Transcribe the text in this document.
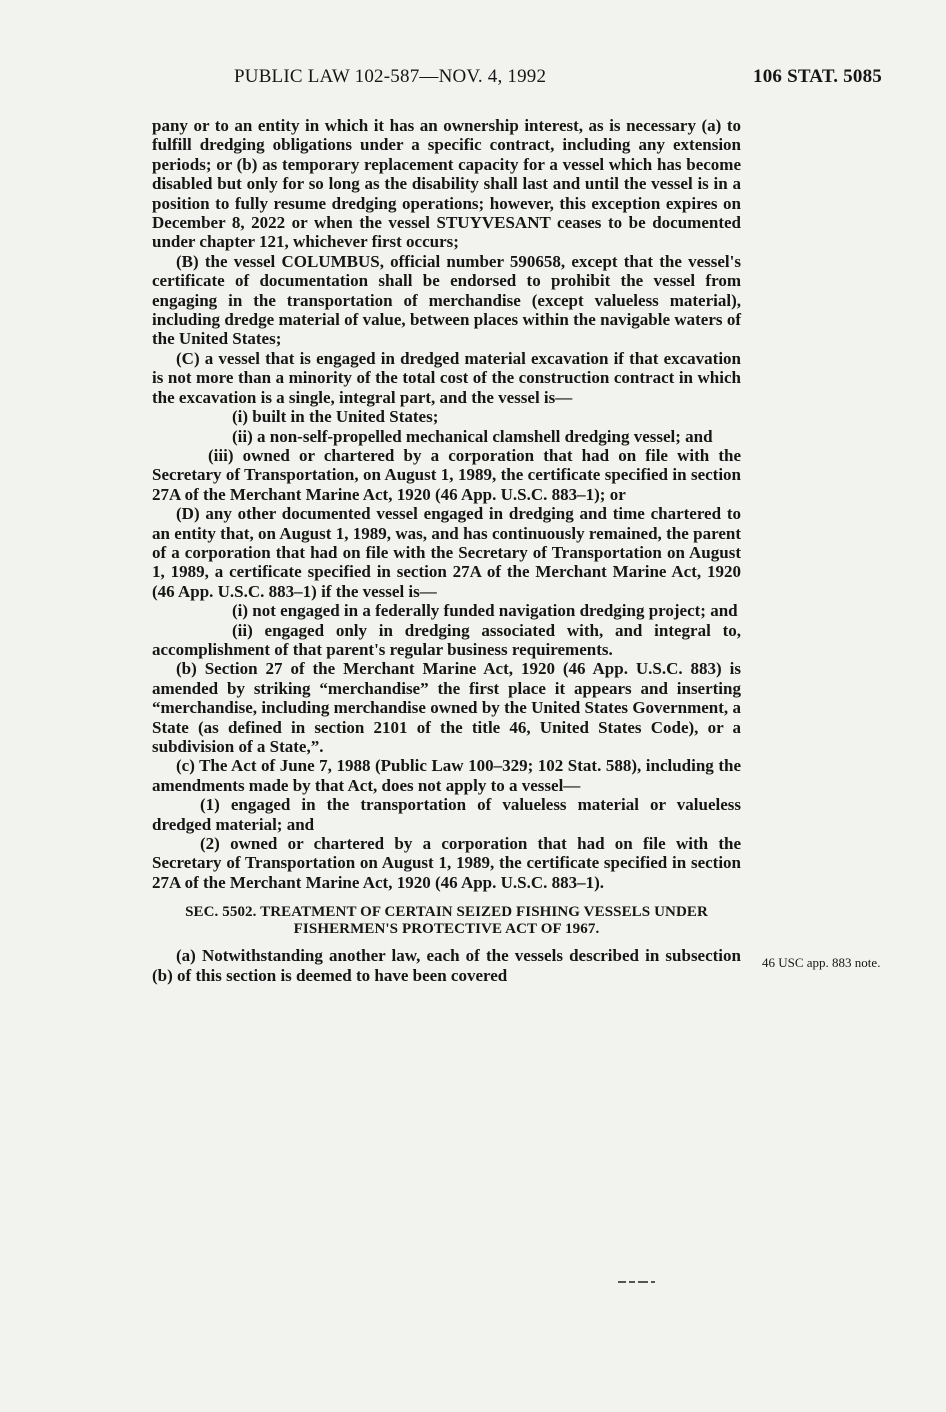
PUBLIC LAW 102-587—NOV. 4, 1992	106 STAT. 5085

pany or to an entity in which it has an ownership interest, as is necessary (a) to fulfill dredging obligations under a specific contract, including any extension periods; or (b) as temporary replacement capacity for a vessel which has become disabled but only for so long as the disability shall last and until the vessel is in a position to fully resume dredging operations; however, this exception expires on December 8, 2022 or when the vessel STUYVESANT ceases to be documented under chapter 121, whichever first occurs;

(B) the vessel COLUMBUS, official number 590658, except that the vessel's certificate of documentation shall be endorsed to prohibit the vessel from engaging in the transportation of merchandise (except valueless material), including dredge material of value, between places within the navigable waters of the United States;

(C) a vessel that is engaged in dredged material excavation if that excavation is not more than a minority of the total cost of the construction contract in which the excavation is a single, integral part, and the vessel is—

(i) built in the United States;

(ii) a non-self-propelled mechanical clamshell dredging vessel; and

(iii) owned or chartered by a corporation that had on file with the Secretary of Transportation, on August 1, 1989, the certificate specified in section 27A of the Merchant Marine Act, 1920 (46 App. U.S.C. 883–1); or

(D) any other documented vessel engaged in dredging and time chartered to an entity that, on August 1, 1989, was, and has continuously remained, the parent of a corporation that had on file with the Secretary of Transportation on August 1, 1989, a certificate specified in section 27A of the Merchant Marine Act, 1920 (46 App. U.S.C. 883–1) if the vessel is—

(i) not engaged in a federally funded navigation dredging project; and

(ii) engaged only in dredging associated with, and integral to, accomplishment of that parent's regular business requirements.

(b) Section 27 of the Merchant Marine Act, 1920 (46 App. U.S.C. 883) is amended by striking “merchandise” the first place it appears and inserting “merchandise, including merchandise owned by the United States Government, a State (as defined in section 2101 of the title 46, United States Code), or a subdivision of a State,”.

(c) The Act of June 7, 1988 (Public Law 100–329; 102 Stat. 588), including the amendments made by that Act, does not apply to a vessel—

(1) engaged in the transportation of valueless material or valueless dredged material; and

(2) owned or chartered by a corporation that had on file with the Secretary of Transportation on August 1, 1989, the certificate specified in section 27A of the Merchant Marine Act, 1920 (46 App. U.S.C. 883–1).

SEC. 5502. TREATMENT OF CERTAIN SEIZED FISHING VESSELS UNDER
FISHERMEN'S PROTECTIVE ACT OF 1967.

(a) Notwithstanding another law, each of the vessels described in subsection (b) of this section is deemed to have been covered

46 USC app. 883 note.
